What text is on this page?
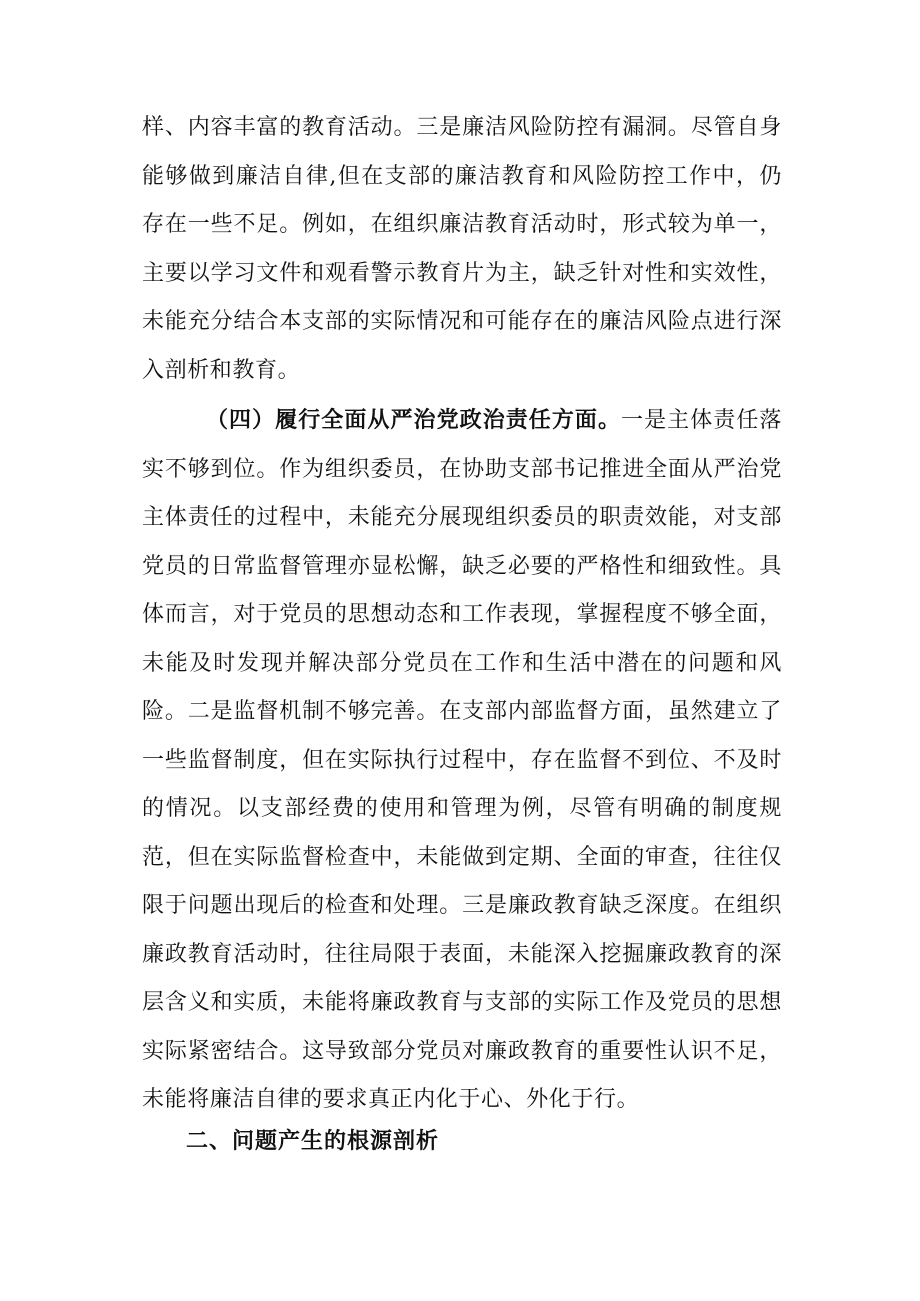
样、内容丰富的教育活动。三是廉洁风险防控有漏洞。尽管自身能够做到廉洁自律,但在支部的廉洁教育和风险防控工作中，仍存在一些不足。例如，在组织廉洁教育活动时，形式较为单一，主要以学习文件和观看警示教育片为主，缺乏针对性和实效性，未能充分结合本支部的实际情况和可能存在的廉洁风险点进行深入剖析和教育。

（四）履行全面从严治党政治责任方面。一是主体责任落实不够到位。作为组织委员，在协助支部书记推进全面从严治党主体责任的过程中，未能充分展现组织委员的职责效能，对支部党员的日常监督管理亦显松懈，缺乏必要的严格性和细致性。具体而言，对于党员的思想动态和工作表现，掌握程度不够全面，未能及时发现并解决部分党员在工作和生活中潜在的问题和风险。二是监督机制不够完善。在支部内部监督方面，虽然建立了一些监督制度，但在实际执行过程中，存在监督不到位、不及时的情况。以支部经费的使用和管理为例，尽管有明确的制度规范，但在实际监督检查中，未能做到定期、全面的审查，往往仅限于问题出现后的检查和处理。三是廉政教育缺乏深度。在组织廉政教育活动时，往往局限于表面，未能深入挖掘廉政教育的深层含义和实质，未能将廉政教育与支部的实际工作及党员的思想实际紧密结合。这导致部分党员对廉政教育的重要性认识不足，未能将廉洁自律的要求真正内化于心、外化于行。

二、问题产生的根源剖析
